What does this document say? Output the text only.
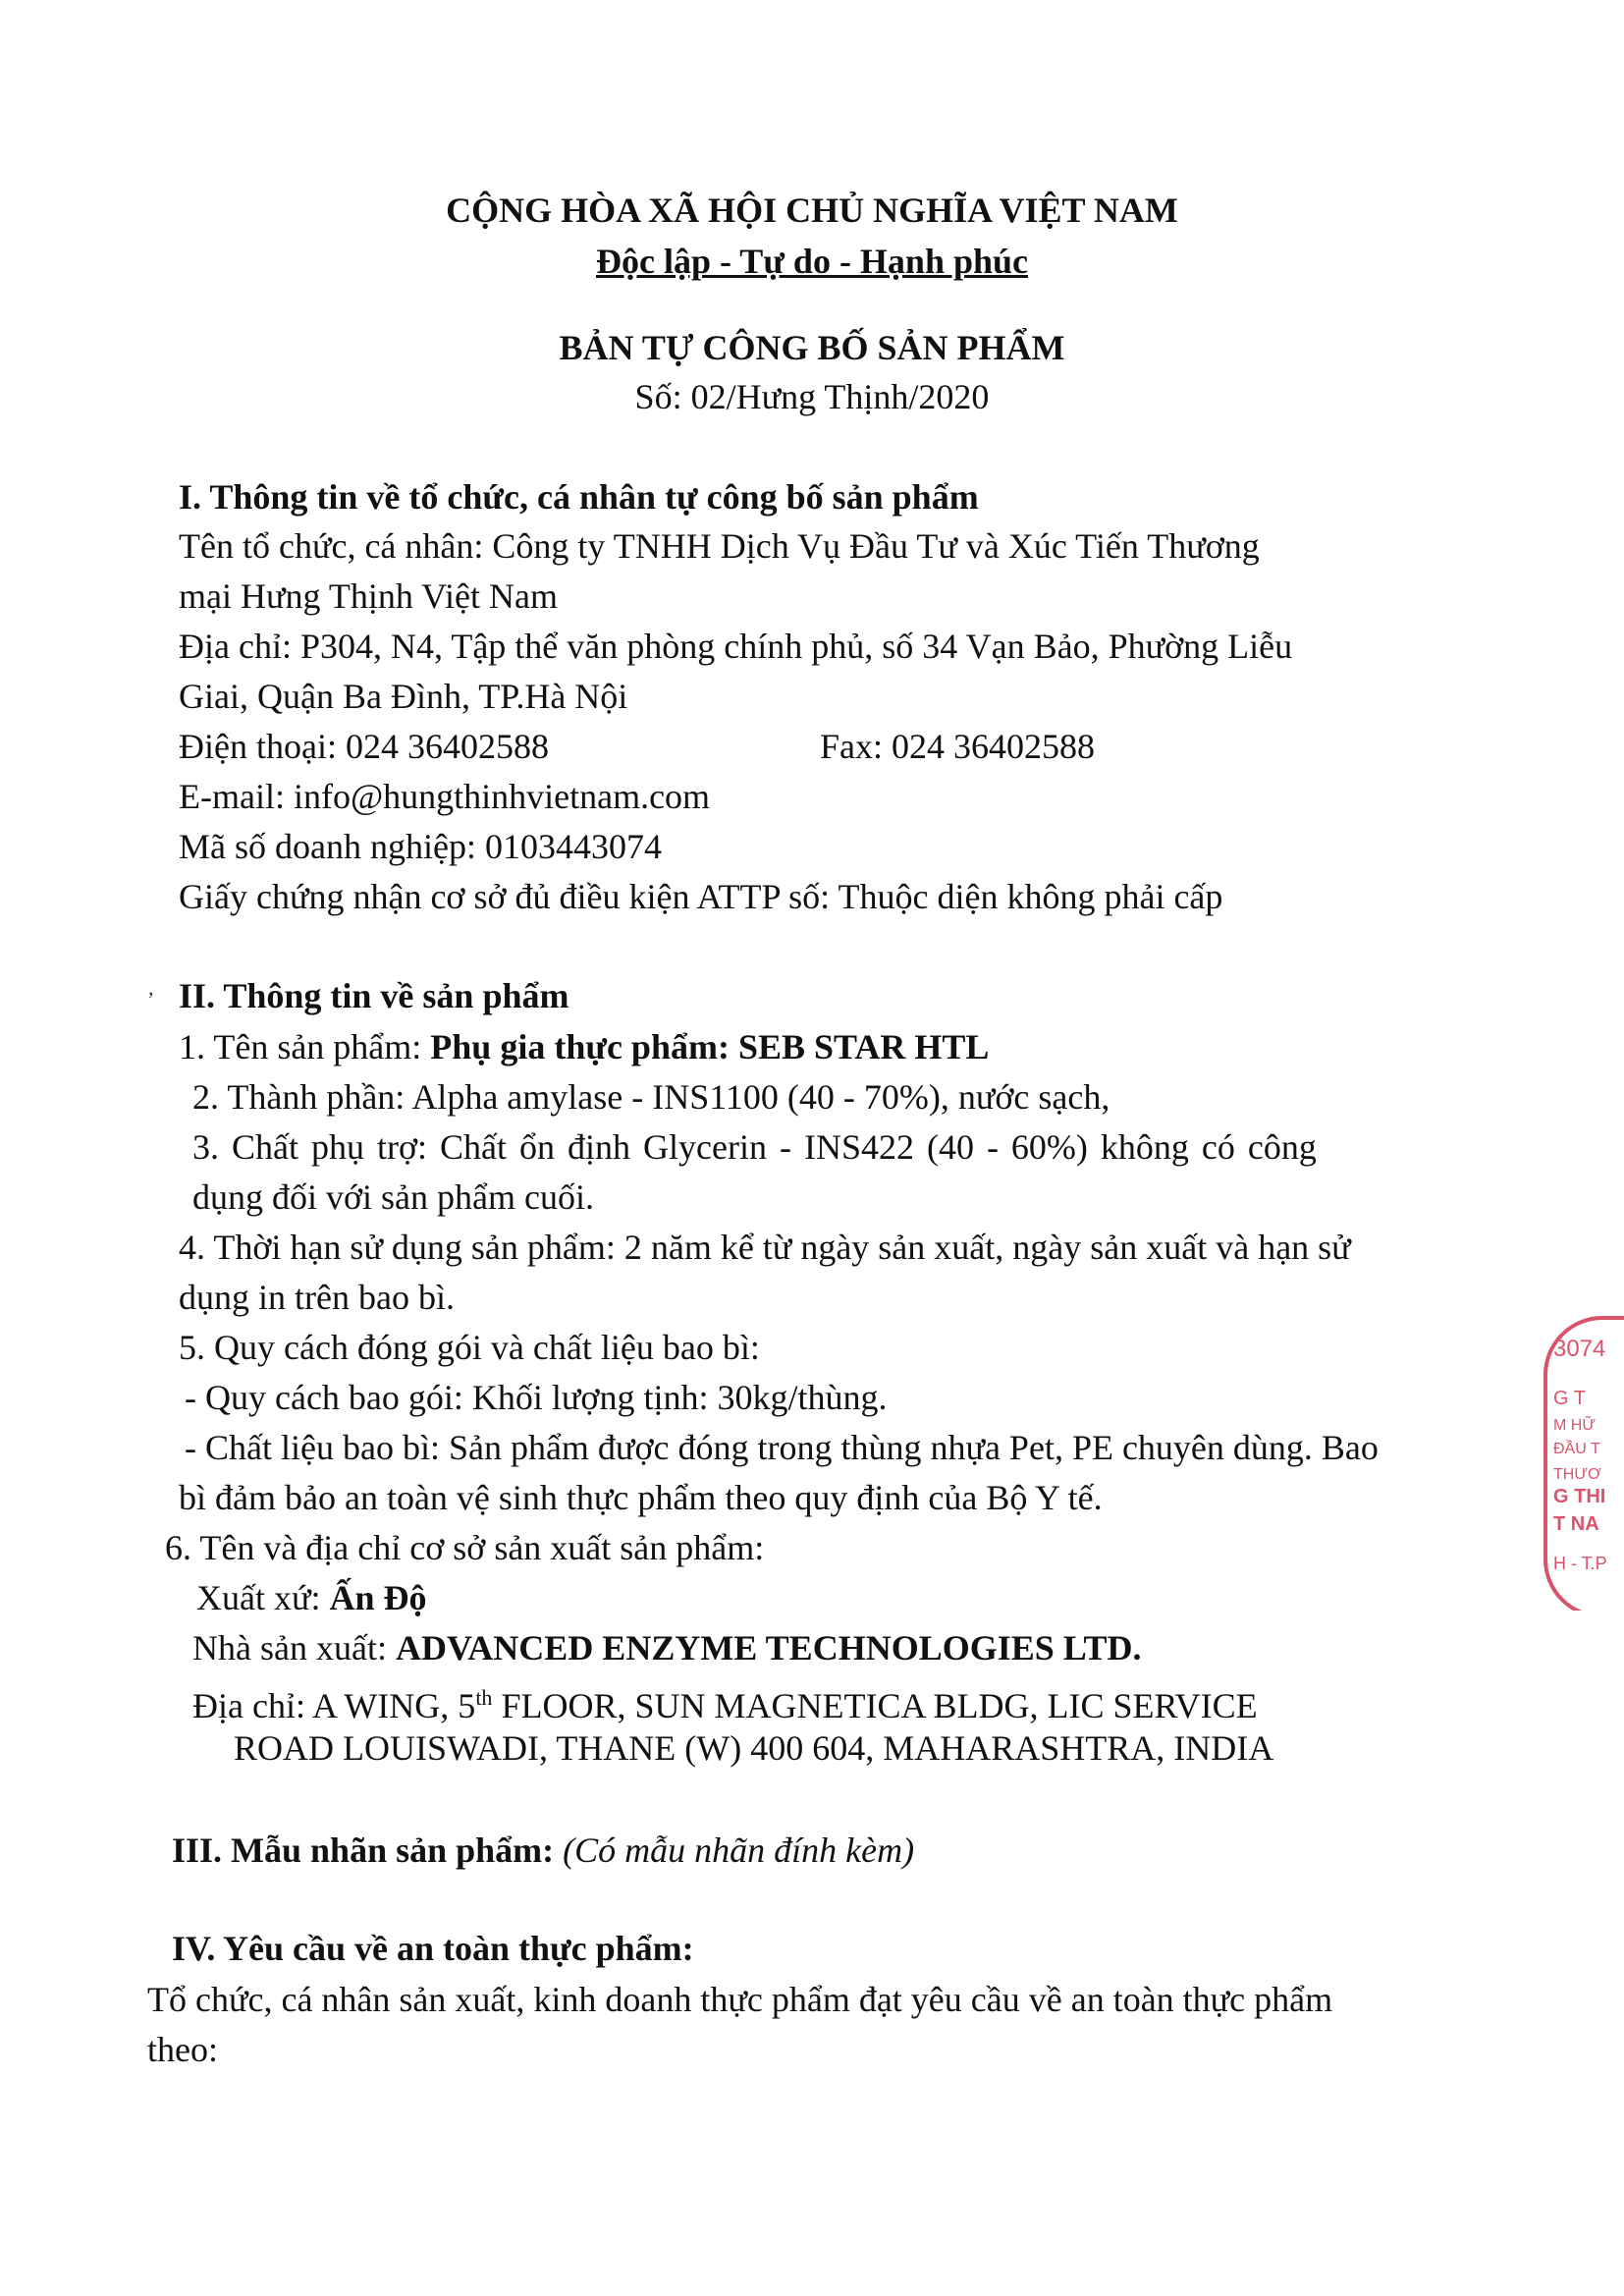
CỘNG HÒA XÃ HỘI CHỦ NGHĨA VIỆT NAM
Độc lập - Tự do - Hạnh phúc
BẢN TỰ CÔNG BỐ SẢN PHẨM
Số: 02/Hưng Thịnh/2020
I. Thông tin về tổ chức, cá nhân tự công bố sản phẩm
Tên tổ chức, cá nhân: Công ty TNHH Dịch Vụ Đầu Tư và Xúc Tiến Thương
mại Hưng Thịnh Việt Nam
Địa chỉ: P304, N4, Tập thể văn phòng chính phủ, số 34 Vạn Bảo, Phường Liễu
Giai, Quận Ba Đình, TP.Hà Nội
Điện thoại: 024 36402588	Fax: 024 36402588
E-mail: info@hungthinhvietnam.com
Mã số doanh nghiệp: 0103443074
Giấy chứng nhận cơ sở đủ điều kiện ATTP số: Thuộc diện không phải cấp
’ II. Thông tin về sản phẩm
1. Tên sản phẩm: Phụ gia thực phẩm: SEB STAR HTL
2. Thành phần: Alpha amylase - INS1100 (40 - 70%), nước sạch,
3. Chất phụ trợ: Chất ổn định Glycerin - INS422 (40 - 60%) không có công
dụng đối với sản phẩm cuối.
4. Thời hạn sử dụng sản phẩm: 2 năm kể từ ngày sản xuất, ngày sản xuất và hạn sử
dụng in trên bao bì.
5. Quy cách đóng gói và chất liệu bao bì:
- Quy cách bao gói: Khối lượng tịnh: 30kg/thùng.
- Chất liệu bao bì: Sản phẩm được đóng trong thùng nhựa Pet, PE chuyên dùng. Bao
bì đảm bảo an toàn vệ sinh thực phẩm theo quy định của Bộ Y tế.
6. Tên và địa chỉ cơ sở sản xuất sản phẩm:
Xuất xứ: Ấn Độ
Nhà sản xuất: ADVANCED ENZYME TECHNOLOGIES LTD.
Địa chỉ: A WING, 5th FLOOR, SUN MAGNETICA BLDG, LIC SERVICE
ROAD LOUISWADI, THANE (W) 400 604, MAHARASHTRA, INDIA
III. Mẫu nhãn sản phẩm: (Có mẫu nhãn đính kèm)
IV. Yêu cầu về an toàn thực phẩm:
Tổ chức, cá nhân sản xuất, kinh doanh thực phẩm đạt yêu cầu về an toàn thực phẩm
theo:
3074
G T
M HỮ
ĐẦU T
THƯƠ
G THI
T NA
H - T.P
